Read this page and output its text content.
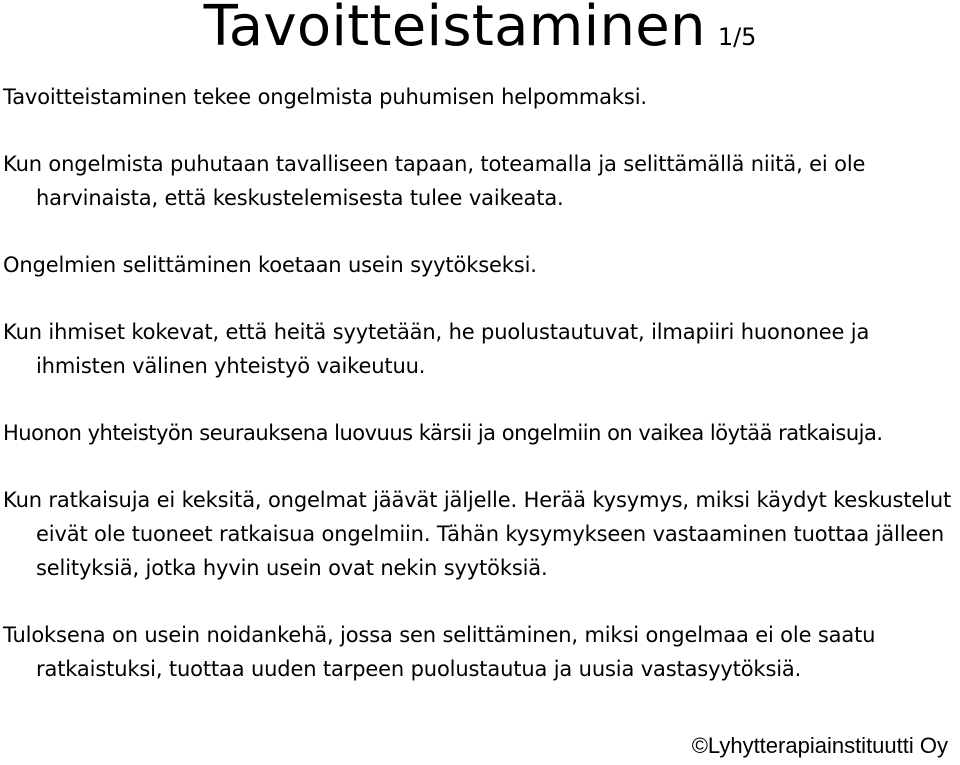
Tavoitteistaminen 1/5

Tavoitteistaminen tekee ongelmista puhumisen helpommaksi.

Kun ongelmista puhutaan tavalliseen tapaan, toteamalla ja selittämällä niitä, ei ole harvinaista, että keskustelemisesta tulee vaikeata.

Ongelmien selittäminen koetaan usein syytökseksi.

Kun ihmiset kokevat, että heitä syytetään, he puolustautuvat, ilmapiiri huononee ja ihmisten välinen yhteistyö vaikeutuu.

Huonon yhteistyön seurauksena luovuus kärsii ja ongelmiin on vaikea löytää ratkaisuja.

Kun ratkaisuja ei keksitä, ongelmat jäävät jäljelle. Herää kysymys, miksi käydyt keskustelut eivät ole tuoneet ratkaisua ongelmiin. Tähän kysymykseen vastaaminen tuottaa jälleen selityksiä, jotka hyvin usein ovat nekin syytöksiä.

Tuloksena on usein noidankehä, jossa sen selittäminen, miksi ongelmaa ei ole saatu ratkaistuksi, tuottaa uuden tarpeen puolustautua ja uusia vastasyytöksiä.

©Lyhytterapiainstituutti Oy
